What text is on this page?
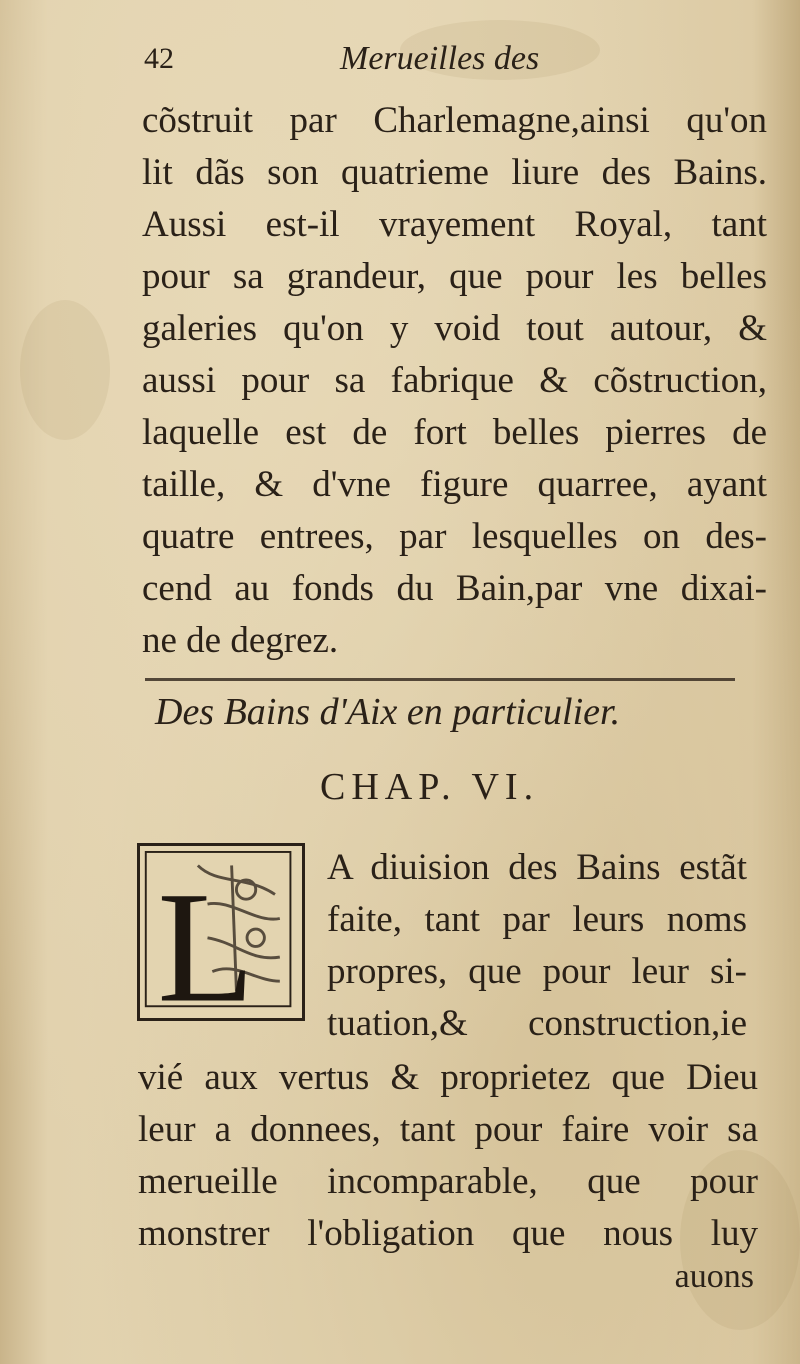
42	Merueilles des
cõstruit par Charlemagne,ainsi qu'on
lit dãs son quatrieme liure des Bains.
Aussi est-il vrayement Royal, tant
pour sa grandeur, que pour les belles
galeries qu'on y void tout autour, &
aussi pour sa fabrique & cõstruction,
laquelle est de fort belles pierres de
taille, & d'vne figure quarree, ayant
quatre entrees, par lesquelles on des-
cend au fonds du Bain,par vne dixai-
ne de degrez.
Des Bains d'Aix en particulier.
CHAP. VI.
L A diuision des Bains estãt
faite, tant par leurs noms
propres, que pour leur si-
tuation,& construction,ie
vié aux vertus & proprietez que Dieu
leur a donnees, tant pour faire voir sa
merueille incomparable, que pour
monstrer l'obligation que nous luy
auons
